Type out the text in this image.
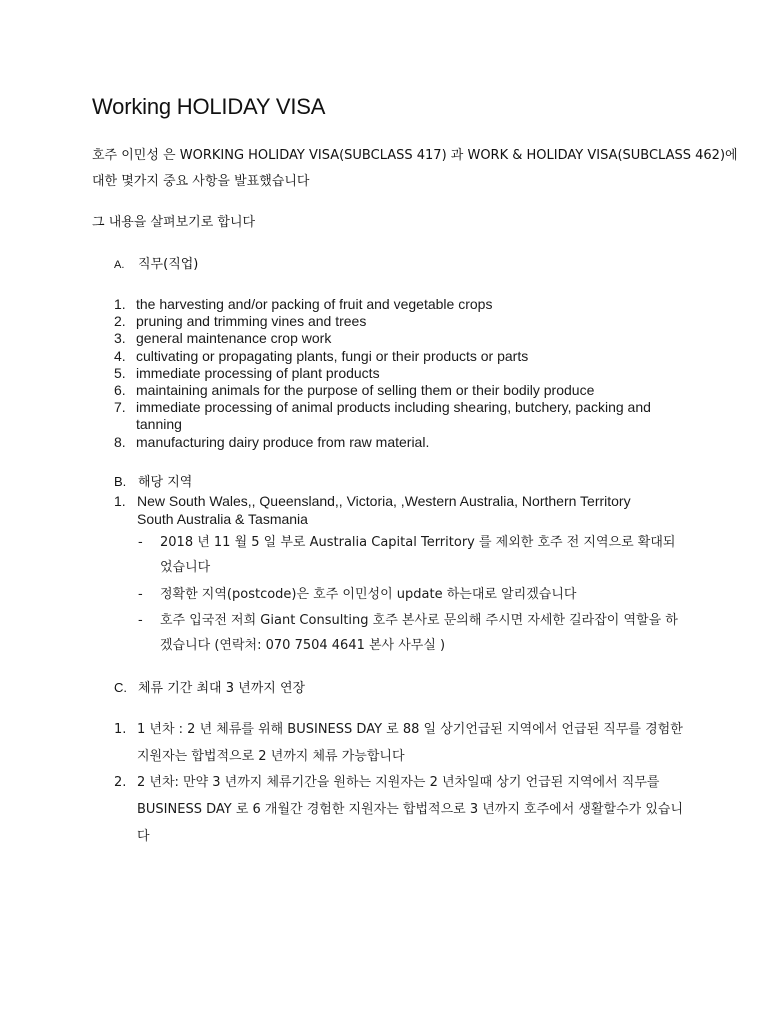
Working HOLIDAY VISA
호주 이민성 은 WORKING HOLIDAY VISA(SUBCLASS 417) 과 WORK & HOLIDAY VISA(SUBCLASS 462)에
대한 몇가지 중요 사항을 발표했습니다
그 내용을 살펴보기로 합니다
A. 직무(직업)
1. the harvesting and/or packing of fruit and vegetable crops
2. pruning and trimming vines and trees
3. general maintenance crop work
4. cultivating or propagating plants, fungi or their products or parts
5. immediate processing of plant products
6. maintaining animals for the purpose of selling them or their bodily produce
7. immediate processing of animal products including shearing, butchery, packing and tanning
8. manufacturing dairy produce from raw material.
B. 해당 지역
1. New South Wales,, Queensland,, Victoria, ,Western Australia, Northern Territory
South Australia & Tasmania
-	2018 년 11 월 5 일 부로 Australia Capital Territory 를 제외한 호주 전 지역으로 확대되었습니다
-	정확한 지역(postcode)은 호주 이민성이 update 하는대로 알리겠습니다
-	호주 입국전 저희 Giant Consulting 호주 본사로 문의해 주시면 자세한 길라잡이 역할을 하겠습니다 (연락처: 070 7504 4641 본사 사무실 )
C. 체류 기간 최대 3 년까지 연장
1. 1 년차 : 2 년 체류를 위해 BUSINESS DAY 로 88 일 상기언급된 지역에서 언급된 직무를 경험한 지원자는 합법적으로 2 년까지 체류 가능합니다
2. 2 년차: 만약 3 년까지 체류기간을 원하는 지원자는 2 년차일때 상기 언급된 지역에서 직무를 BUSINESS DAY 로 6 개월간 경험한 지원자는 합법적으로 3 년까지 호주에서 생활할수가 있습니다
